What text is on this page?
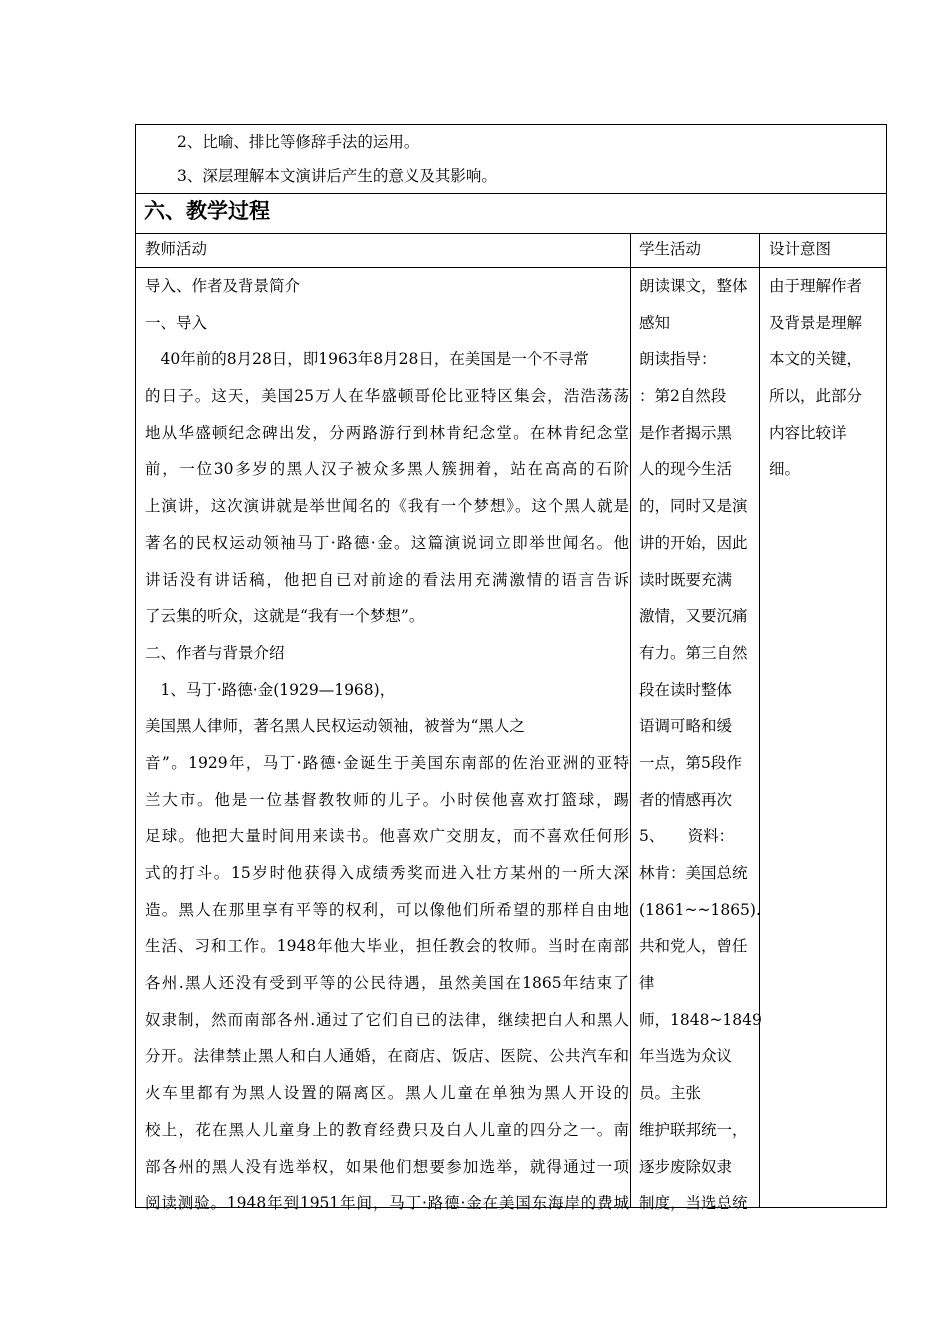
2、比喻、排比等修辞手法的运用。
3、深层理解本文演讲后产生的意义及其影响。
六、教学过程
教师活动	学生活动	设计意图
导入、作者及背景简介
一、导入
　40年前的8月28日，即1963年8月28日，在美国是一个不寻常
的日子。这天，美国25万人在华盛顿哥伦比亚特区集会，浩浩荡荡
地从华盛顿纪念碑出发，分两路游行到林肯纪念堂。在林肯纪念堂
前，一位30多岁的黑人汉子被众多黑人簇拥着，站在高高的石阶
上演讲，这次演讲就是举世闻名的《我有一个梦想》。这个黑人就是
著名的民权运动领袖马丁·路德·金。这篇演说词立即举世闻名。他
讲话没有讲话稿，他把自已对前途的看法用充满激情的语言告诉
了云集的听众，这就是“我有一个梦想”。
二、作者与背景介绍
　1、马丁·路德·金(1929—1968)，
美国黑人律师，著名黑人民权运动领袖，被誉为“黑人之
音”。1929年，马丁·路德·金诞生于美国东南部的佐治亚洲的亚特
兰大市。他是一位基督教牧师的儿子。小时侯他喜欢打篮球，踢
足球。他把大量时间用来读书。他喜欢广交朋友，而不喜欢任何形
式的打斗。15岁时他获得入成绩秀奖而进入壮方某州的一所大深
造。黑人在那里享有平等的权利，可以像他们所希望的那样自由地
生活、习和工作。1948年他大毕业，担任教会的牧师。当时在南部
各州.黑人还没有受到平等的公民待遇，虽然美国在1865年结束了
奴隶制，然而南部各州.通过了它们自已的法律，继续把白人和黑人
分开。法律禁止黑人和白人通婚，在商店、饭店、医院、公共汽车和
火车里都有为黑人设置的隔离区。黑人儿童在单独为黑人开设的
校上，花在黑人儿童身上的教育经费只及白人儿童的四分之一。南
部各州的黑人没有选举权，如果他们想要参加选举，就得通过一项
阅读测验。1948年到1951年间，马丁·路德·金在美国东海岸的费城
朗读课文，整体
感知
朗读指导：
：第2自然段
是作者揭示黑
人的现今生活
的，同时又是演
讲的开始，因此
读时既要充满
激情，又要沉痛
有力。第三自然
段在读时整体
语调可略和缓
一点，第5段作
者的情感再次
5、　　资料：
林肯：美国总统
(1861~~1865).
共和党人，曾任
律
师，1848~1849
年当选为众议
员。主张
维护联邦统一，
逐步废除奴隶
制度，当选总统
由于理解作者
及背景是理解
本文的关键，
所以，此部分
内容比较详
细。
